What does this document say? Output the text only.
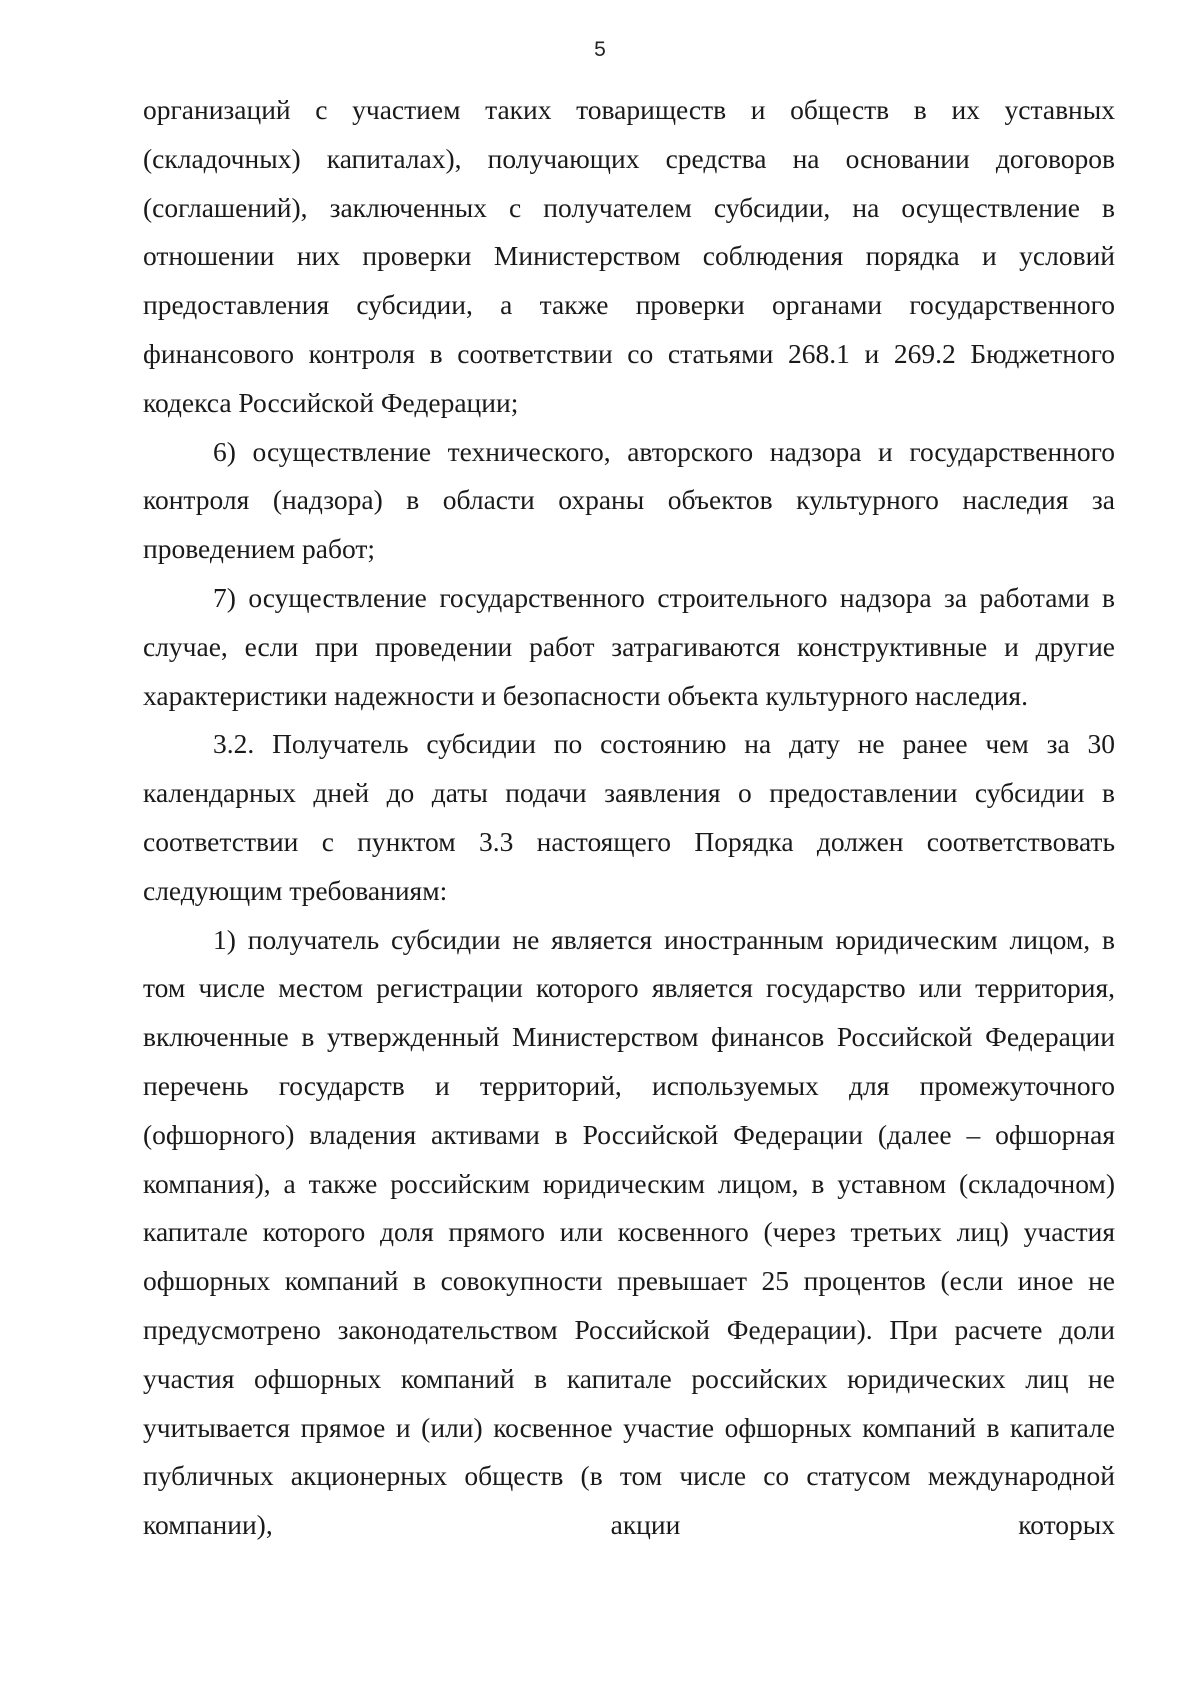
5

организаций с участием таких товариществ и обществ в их уставных (складочных) капиталах), получающих средства на основании договоров (соглашений), заключенных с получателем субсидии, на осуществление в отношении них проверки Министерством соблюдения порядка и условий предоставления субсидии, а также проверки органами государственного финансового контроля в соответствии со статьями 268.1 и 269.2 Бюджетного кодекса Российской Федерации;

6) осуществление технического, авторского надзора и государственного контроля (надзора) в области охраны объектов культурного наследия за проведением работ;

7) осуществление государственного строительного надзора за работами в случае, если при проведении работ затрагиваются конструктивные и другие характеристики надежности и безопасности объекта культурного наследия.

3.2. Получатель субсидии по состоянию на дату не ранее чем за 30 календарных дней до даты подачи заявления о предоставлении субсидии в соответствии с пунктом 3.3 настоящего Порядка должен соответствовать следующим требованиям:

1) получатель субсидии не является иностранным юридическим лицом, в том числе местом регистрации которого является государство или территория, включенные в утвержденный Министерством финансов Российской Федерации перечень государств и территорий, используемых для промежуточного (офшорного) владения активами в Российской Федерации (далее – офшорная компания), а также российским юридическим лицом, в уставном (складочном) капитале которого доля прямого или косвенного (через третьих лиц) участия офшорных компаний в совокупности превышает 25 процентов (если иное не предусмотрено законодательством Российской Федерации). При расчете доли участия офшорных компаний в капитале российских юридических лиц не учитывается прямое и (или) косвенное участие офшорных компаний в капитале публичных акционерных обществ (в том числе со статусом международной компании), акции которых
